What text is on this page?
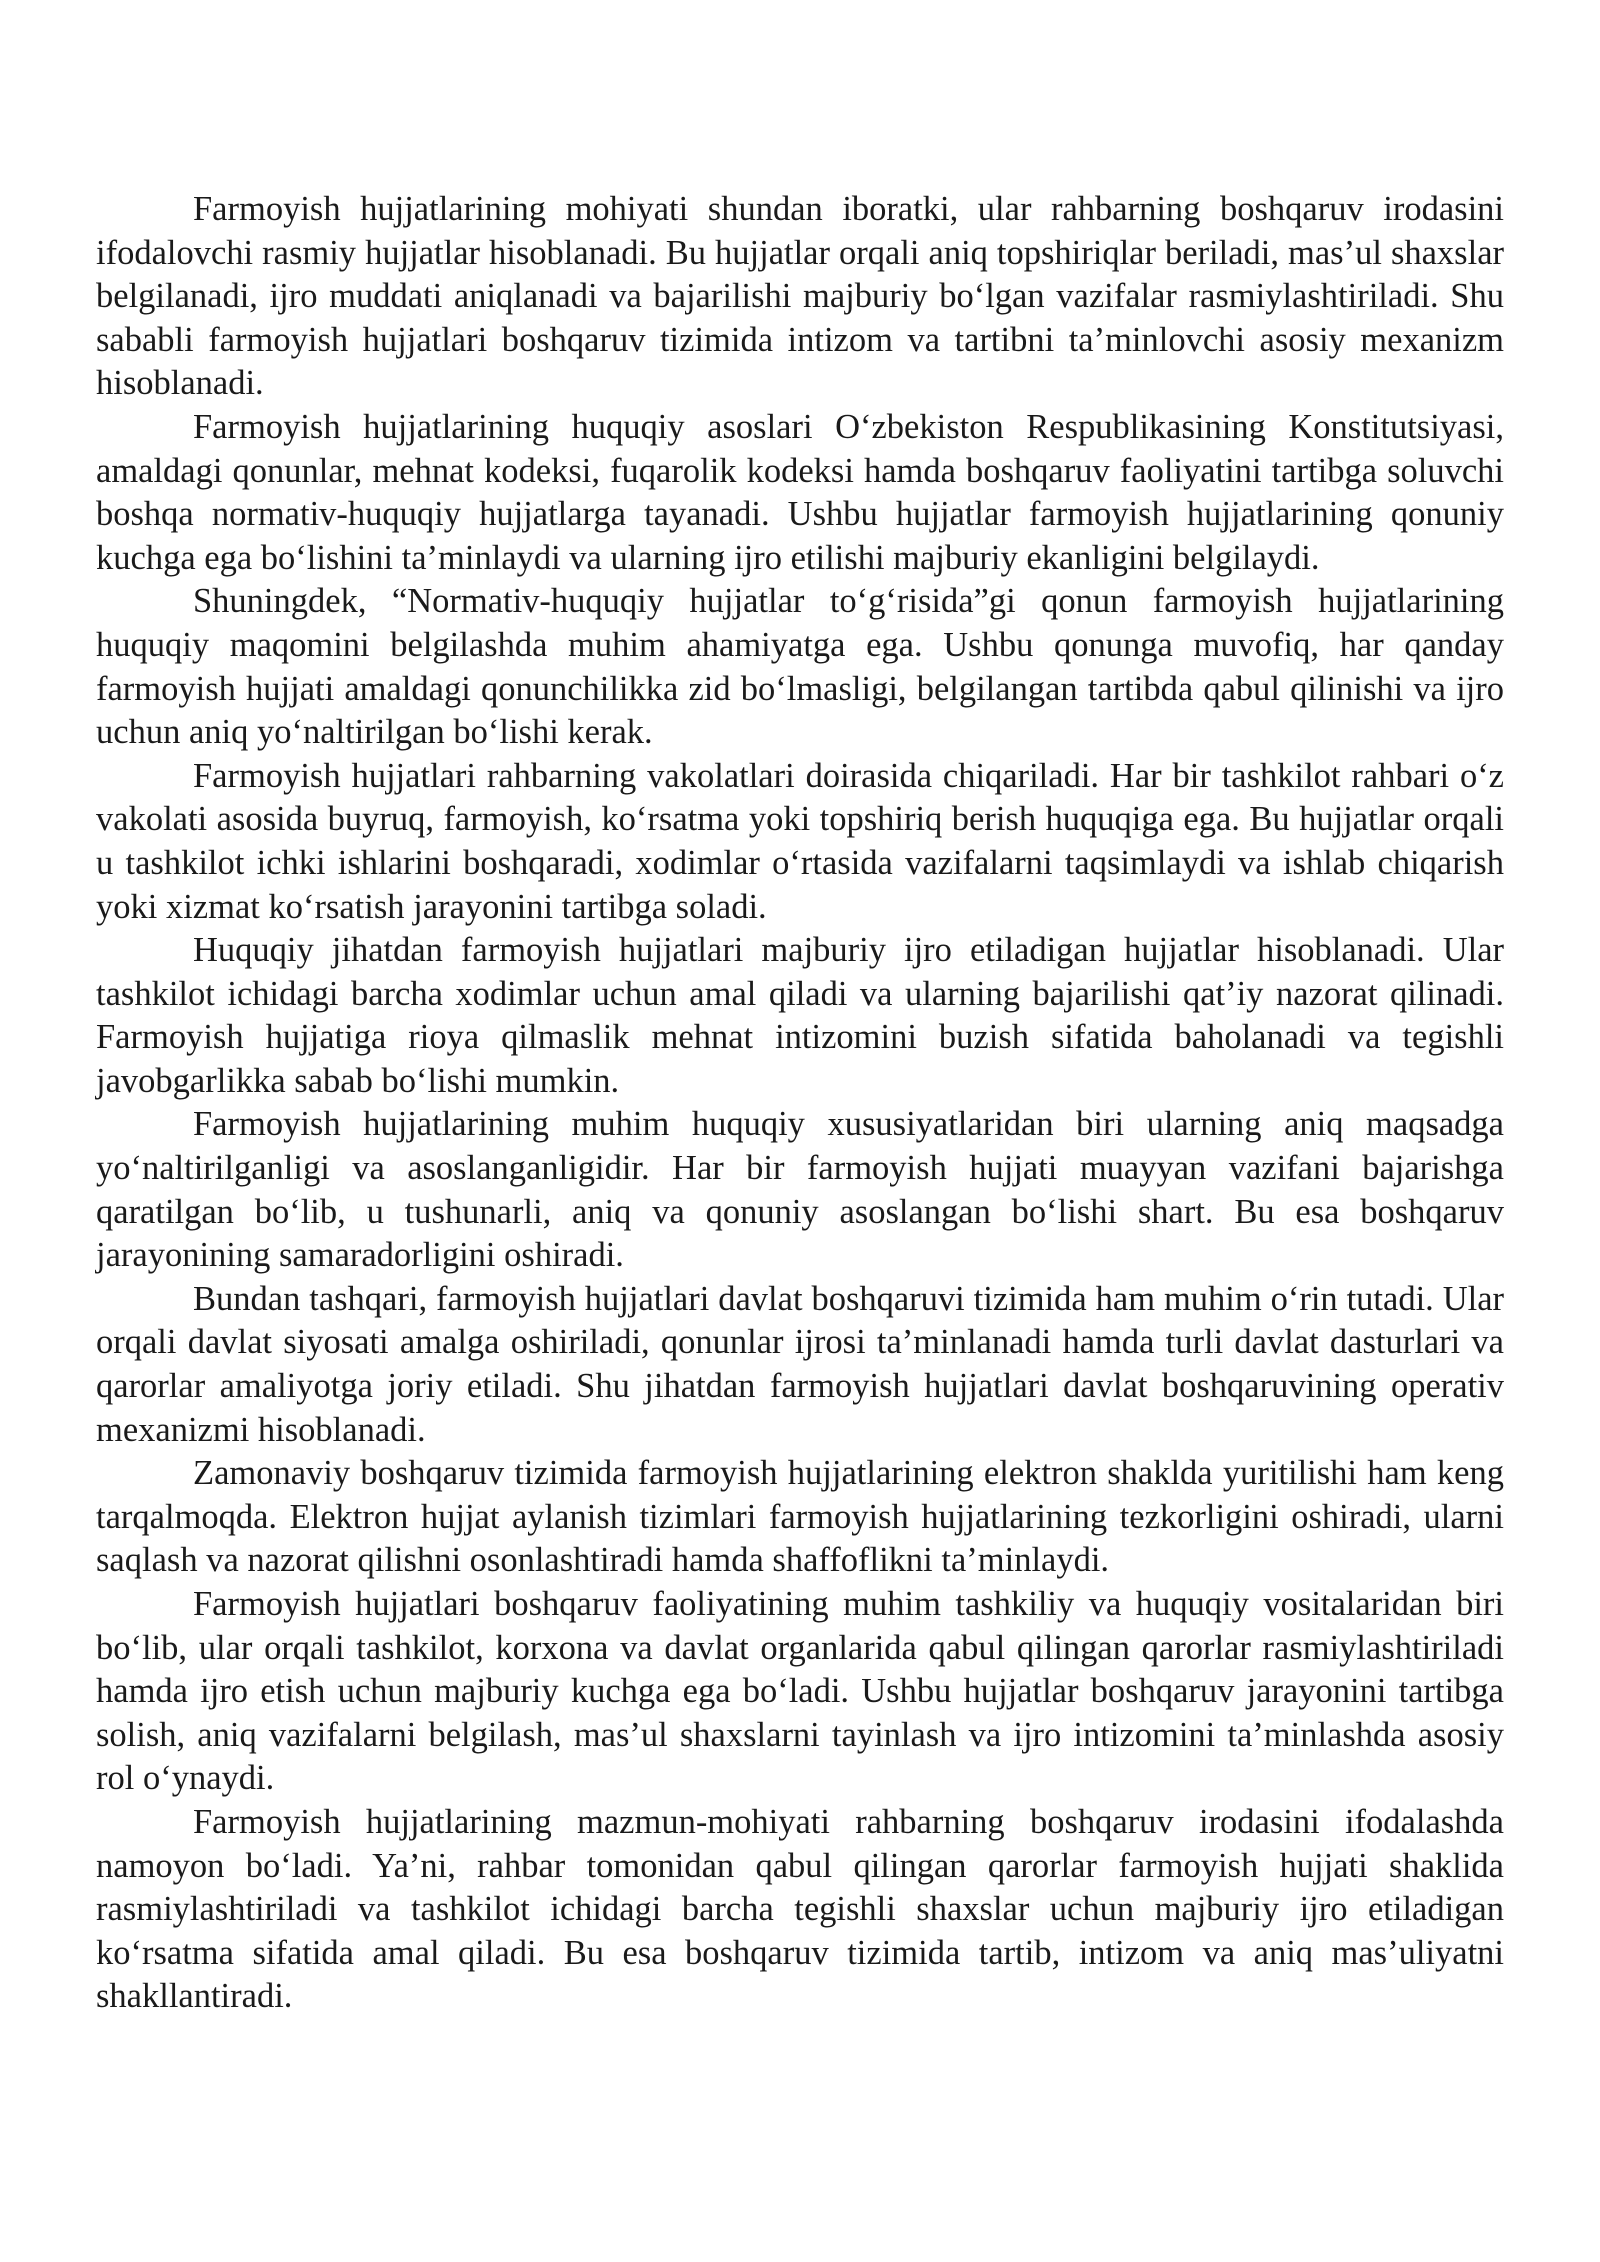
Farmoyish hujjatlarining mohiyati shundan iboratki, ular rahbarning boshqaruv irodasini ifodalovchi rasmiy hujjatlar hisoblanadi. Bu hujjatlar orqali aniq topshiriqlar beriladi, mas’ul shaxslar belgilanadi, ijro muddati aniqlanadi va bajarilishi majburiy bo‘lgan vazifalar rasmiylashtiriladi. Shu sababli farmoyish hujjatlari boshqaruv tizimida intizom va tartibni ta’minlovchi asosiy mexanizm hisoblanadi.

Farmoyish hujjatlarining huquqiy asoslari O‘zbekiston Respublikasining Konstitutsiyasi, amaldagi qonunlar, mehnat kodeksi, fuqarolik kodeksi hamda boshqaruv faoliyatini tartibga soluvchi boshqa normativ-huquqiy hujjatlarga tayanadi. Ushbu hujjatlar farmoyish hujjatlarining qonuniy kuchga ega bo‘lishini ta’minlaydi va ularning ijro etilishi majburiy ekanligini belgilaydi.

Shuningdek, “Normativ-huquqiy hujjatlar to‘g‘risida”gi qonun farmoyish hujjatlarining huquqiy maqomini belgilashda muhim ahamiyatga ega. Ushbu qonunga muvofiq, har qanday farmoyish hujjati amaldagi qonunchilikka zid bo‘lmasligi, belgilangan tartibda qabul qilinishi va ijro uchun aniq yo‘naltirilgan bo‘lishi kerak.

Farmoyish hujjatlari rahbarning vakolatlari doirasida chiqariladi. Har bir tashkilot rahbari o‘z vakolati asosida buyruq, farmoyish, ko‘rsatma yoki topshiriq berish huquqiga ega. Bu hujjatlar orqali u tashkilot ichki ishlarini boshqaradi, xodimlar o‘rtasida vazifalarni taqsimlaydi va ishlab chiqarish yoki xizmat ko‘rsatish jarayonini tartibga soladi.

Huquqiy jihatdan farmoyish hujjatlari majburiy ijro etiladigan hujjatlar hisoblanadi. Ular tashkilot ichidagi barcha xodimlar uchun amal qiladi va ularning bajarilishi qat’iy nazorat qilinadi. Farmoyish hujjatiga rioya qilmaslik mehnat intizomini buzish sifatida baholanadi va tegishli javobgarlikka sabab bo‘lishi mumkin.

Farmoyish hujjatlarining muhim huquqiy xususiyatlaridan biri ularning aniq maqsadga yo‘naltirilganligi va asoslanganligidir. Har bir farmoyish hujjati muayyan vazifani bajarishga qaratilgan bo‘lib, u tushunarli, aniq va qonuniy asoslangan bo‘lishi shart. Bu esa boshqaruv jarayonining samaradorligini oshiradi.

Bundan tashqari, farmoyish hujjatlari davlat boshqaruvi tizimida ham muhim o‘rin tutadi. Ular orqali davlat siyosati amalga oshiriladi, qonunlar ijrosi ta’minlanadi hamda turli davlat dasturlari va qarorlar amaliyotga joriy etiladi. Shu jihatdan farmoyish hujjatlari davlat boshqaruvining operativ mexanizmi hisoblanadi.

Zamonaviy boshqaruv tizimida farmoyish hujjatlarining elektron shaklda yuritilishi ham keng tarqalmoqda. Elektron hujjat aylanish tizimlari farmoyish hujjatlarining tezkorligini oshiradi, ularni saqlash va nazorat qilishni osonlashtiradi hamda shaffoflikni ta’minlaydi.

Farmoyish hujjatlari boshqaruv faoliyatining muhim tashkiliy va huquqiy vositalaridan biri bo‘lib, ular orqali tashkilot, korxona va davlat organlarida qabul qilingan qarorlar rasmiylashtiriladi hamda ijro etish uchun majburiy kuchga ega bo‘ladi. Ushbu hujjatlar boshqaruv jarayonini tartibga solish, aniq vazifalarni belgilash, mas’ul shaxslarni tayinlash va ijro intizomini ta’minlashda asosiy rol o‘ynaydi.

Farmoyish hujjatlarining mazmun-mohiyati rahbarning boshqaruv irodasini ifodalashda namoyon bo‘ladi. Ya’ni, rahbar tomonidan qabul qilingan qarorlar farmoyish hujjati shaklida rasmiylashtiriladi va tashkilot ichidagi barcha tegishli shaxslar uchun majburiy ijro etiladigan ko‘rsatma sifatida amal qiladi. Bu esa boshqaruv tizimida tartib, intizom va aniq mas’uliyatni shakllantiradi.
